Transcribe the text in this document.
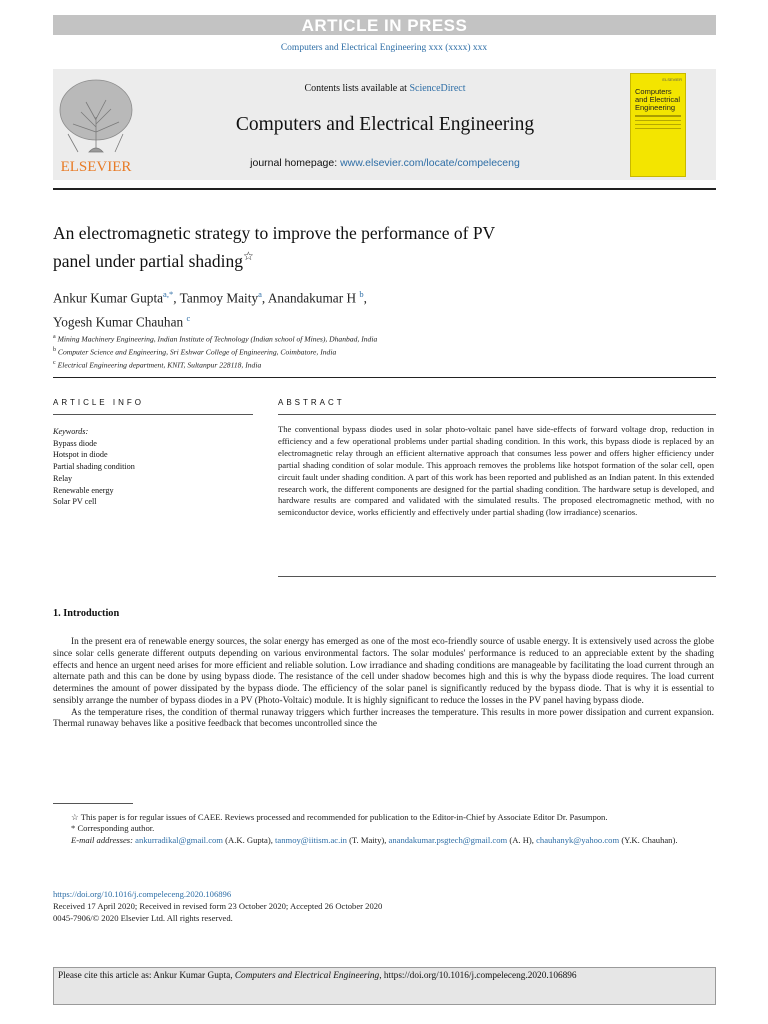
ARTICLE IN PRESS
Computers and Electrical Engineering xxx (xxxx) xxx
ELSEVIER
Contents lists available at ScienceDirect
Computers and Electrical Engineering
journal homepage: www.elsevier.com/locate/compeleceng
ELSEVIER
Computers and Electrical Engineering
An electromagnetic strategy to improve the performance of PV
panel under partial shading☆
Ankur Kumar Gupta$^{a,*}$, Tanmoy Maity$^a$, Anandakumar H $^b$,
Yogesh Kumar Chauhan $^c$
$^a$ Mining Machinery Engineering, Indian Institute of Technology (Indian school of Mines), Dhanbad, India
$^b$ Computer Science and Engineering, Sri Eshwar College of Engineering, Coimbatore, India
$^c$ Electrical Engineering department, KNIT, Sultanpur 228118, India
ARTICLE INFO	ABSTRACT
Keywords:
Bypass diode
Hotspot in diode
Partial shading condition
Relay
Renewable energy
Solar PV cell
The conventional bypass diodes used in solar photo-voltaic panel have side-effects of forward voltage drop, reduction in efficiency and a few operational problems under partial shading condition. In this work, this bypass diode is replaced by an electromagnetic relay through an efficient alternative approach that consumes less power and offers higher efficiency under partial shading condition of solar module. This approach removes the problems like hotspot formation of the solar cell, open circuit fault under shading condition. A part of this work has been reported and published as an Indian patent. In this extended research work, the different components are designed for the partial shading condition. The hardware setup is developed, and hardware results are compared and validated with the simulated results. The proposed electromagnetic method, with no semiconductor device, works efficiently and effectively under partial shading (low irradiance) scenarios.
1. Introduction

In the present era of renewable energy sources, the solar energy has emerged as one of the most eco-friendly source of usable energy. It is extensively used across the globe since solar cells generate different outputs depending on various environmental factors. The solar modules' performance is reduced to an appreciable extent by the shading effects and hence an urgent need arises for more efficient and reliable solution. Low irradiance and shading conditions are manageable by facilitating the load current through an alternate path and this can be done by using bypass diode. The resistance of the cell under shadow becomes high and this is why the bypass diode requires. The load current determines the amount of power dissipated by the bypass diode. The efficiency of the solar panel is significantly reduced by the bypass diode. That is why it is essential to sensibly arrange the number of bypass diodes in a PV (Photo-Voltaic) module. It is highly significant to reduce the losses in the PV panel having bypass diode.

As the temperature rises, the condition of thermal runaway triggers which further increases the temperature. This results in more power dissipation and current expansion. Thermal runaway behaves like a positive feedback that becomes uncontrolled since the

☆ This paper is for regular issues of CAEE. Reviews processed and recommended for publication to the Editor-in-Chief by Associate Editor Dr. Pasumpon.

* Corresponding author.

E-mail addresses: ankurradikal@gmail.com (A.K. Gupta), tanmoy@iitism.ac.in (T. Maity), anandakumar.psgtech@gmail.com (A. H), chauhanyk@yahoo.com (Y.K. Chauhan).

https://doi.org/10.1016/j.compeleceng.2020.106896
Received 17 April 2020; Received in revised form 23 October 2020; Accepted 26 October 2020
0045-7906/© 2020 Elsevier Ltd. All rights reserved.
Please cite this article as: Ankur Kumar Gupta, Computers and Electrical Engineering, https://doi.org/10.1016/j.compeleceng.2020.106896
